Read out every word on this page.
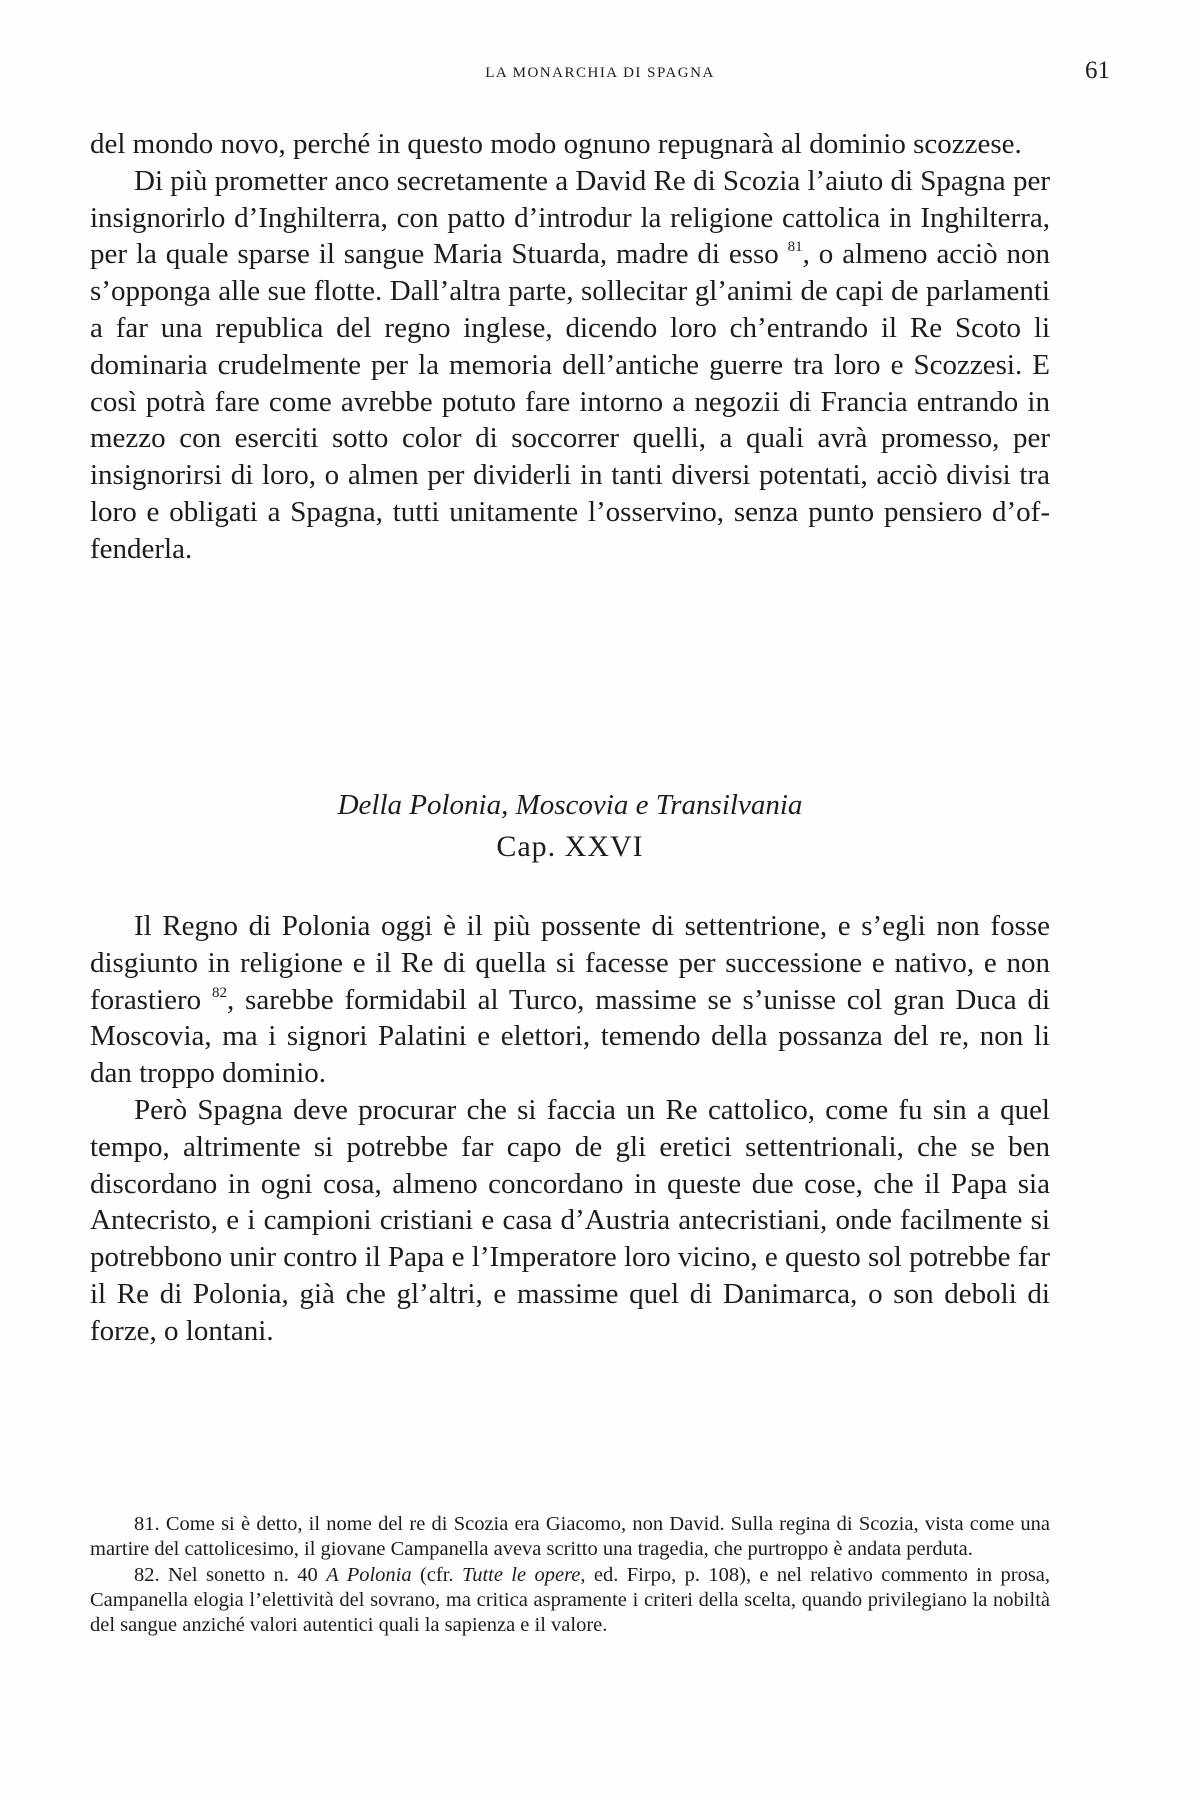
LA MONARCHIA DI SPAGNA	61

del mondo novo, perché in questo modo ognuno repugnarà al dominio scozzese.

Di più prometter anco secretamente a David Re di Scozia l’aiuto di Spagna per insignorirlo d’Inghilterra, con patto d’introdur la religione cattolica in Inghilterra, per la quale sparse il sangue Maria Stuarda, madre di esso $^{81}$, o almeno acciò non s’opponga alle sue flotte. Dall’altra parte, sollecitar gl’animi de capi de parlamenti a far una republica del regno inglese, dicendo loro ch’entrando il Re Scoto li dominaria crudelmente per la memoria dell’antiche guerre tra loro e Scozzesi. E così potrà fare come avrebbe potuto fare intorno a negozii di Francia entrando in mezzo con eserciti sotto color di soccorrer quelli, a quali avrà promesso, per insignorirsi di loro, o almen per dividerli in tanti diversi potentati, acciò divisi tra loro e obligati a Spagna, tutti unitamente l’osservino, senza punto pensiero d’offenderla.

Della Polonia, Moscovia e Transilvania
Cap. XXVI

Il Regno di Polonia oggi è il più possente di settentrione, e s’egli non fosse disgiunto in religione e il Re di quella si facesse per successione e nativo, e non forastiero $^{82}$, sarebbe formidabil al Turco, massime se s’unisse col gran Duca di Moscovia, ma i signori Palatini e elettori, temendo della possanza del re, non li dan troppo dominio.

Però Spagna deve procurar che si faccia un Re cattolico, come fu sin a quel tempo, altrimente si potrebbe far capo de gli eretici settentrionali, che se ben discordano in ogni cosa, almeno concordano in queste due cose, che il Papa sia Antecristo, e i campioni cristiani e casa d’Austria antecristiani, onde facilmente si potrebbono unir contro il Papa e l’Imperatore loro vicino, e questo sol potrebbe far il Re di Polonia, già che gl’altri, e massime quel di Danimarca, o son deboli di forze, o lontani.

81. Come si è detto, il nome del re di Scozia era Giacomo, non David. Sulla regina di Scozia, vista come una martire del cattolicesimo, il giovane Campanella aveva scritto una tragedia, che purtroppo è andata perduta.

82. Nel sonetto n. 40 A Polonia (cfr. Tutte le opere, ed. Firpo, p. 108), e nel relativo commento in prosa, Campanella elogia l’elettività del sovrano, ma critica aspramente i criteri della scelta, quando privilegiano la nobiltà del sangue anziché valori autentici quali la sapienza e il valore.
